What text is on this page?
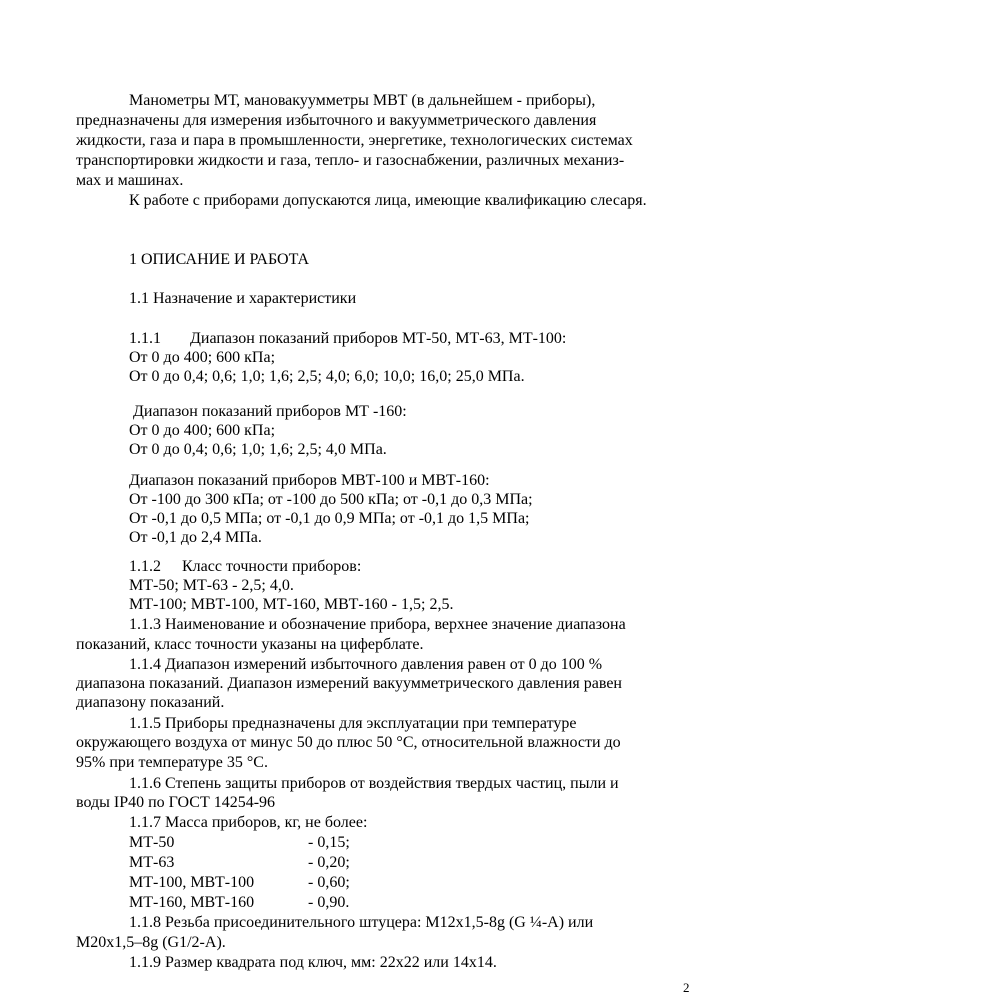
Манометры МТ, мановакуумметры МВТ (в дальнейшем - приборы),
предназначены для измерения избыточного и вакуумметрического давления
жидкости, газа и пара в промышленности, энергетике, технологических системах
транспортировки жидкости и газа, тепло- и газоснабжении, различных механиз-
мах и машинах.
К работе с приборами допускаются лица, имеющие квалификацию слесаря.
1 ОПИСАНИЕ И РАБОТА
1.1 Назначение и характеристики
1.1.1 Диапазон показаний приборов МТ-50, МТ-63, МТ-100:
От 0 до 400; 600 кПа;
От 0 до 0,4; 0,6; 1,0; 1,6; 2,5; 4,0; 6,0; 10,0; 16,0; 25,0 МПа.
Диапазон показаний приборов МТ -160:
От 0 до 400; 600 кПа;
От 0 до 0,4; 0,6; 1,0; 1,6; 2,5; 4,0 МПа.
Диапазон показаний приборов МВТ-100 и МВТ-160:
От -100 до 300 кПа; от -100 до 500 кПа; от -0,1 до 0,3 МПа;
От -0,1 до 0,5 МПа; от -0,1 до 0,9 МПа; от -0,1 до 1,5 МПа;
От -0,1 до 2,4 МПа.
1.1.2 Класс точности приборов:
МТ-50; МТ-63 - 2,5; 4,0.
МТ-100; МВТ-100, МТ-160, МВТ-160 - 1,5; 2,5.
1.1.3 Наименование и обозначение прибора, верхнее значение диапазона
показаний, класс точности указаны на циферблате.
1.1.4 Диапазон измерений избыточного давления равен от 0 до 100 %
диапазона показаний. Диапазон измерений вакуумметрического давления равен
диапазону показаний.
1.1.5 Приборы предназначены для эксплуатации при температуре
окружающего воздуха от минус 50 до плюс 50 °С, относительной влажности до
95% при температуре 35 °С.
1.1.6 Степень защиты приборов от воздействия твердых частиц, пыли и
воды IP40 по ГОСТ 14254-96
1.1.7 Масса приборов, кг, не более:
МТ-50	- 0,15;
МТ-63	- 0,20;
МТ-100, МВТ-100	- 0,60;
МТ-160, МВТ-160	- 0,90.
1.1.8 Резьба присоединительного штуцера: М12х1,5-8g (G ¼-А) или
М20х1,5–8g (G1/2-А).
1.1.9 Размер квадрата под ключ, мм: 22х22 или 14х14.
2
